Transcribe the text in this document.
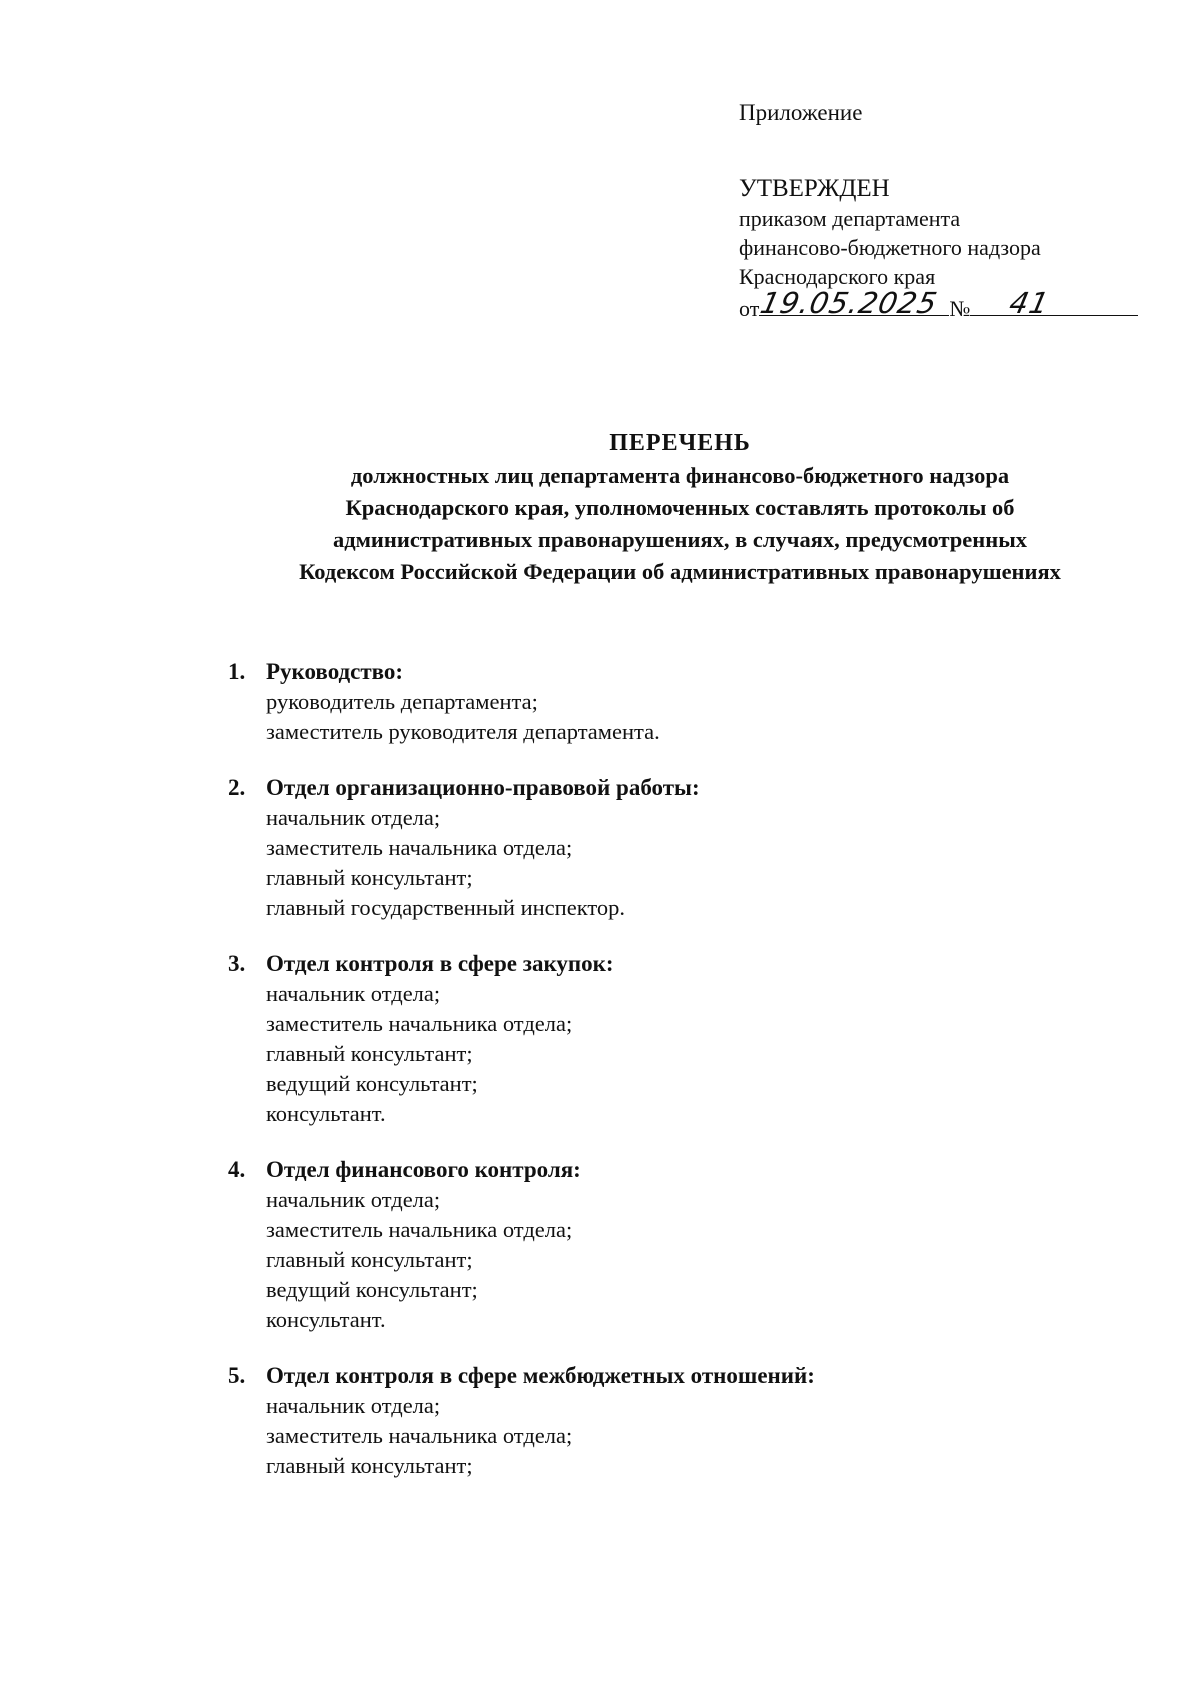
Приложение

УТВЕРЖДЕН

приказом департамента

финансово-бюджетного надзора

Краснодарского края

от
19.05.2025 № 41

ПЕРЕЧЕНЬ

должностных лиц департамента финансово-бюджетного надзора

Краснодарского края, уполномоченных составлять протоколы об

административных правонарушениях, в случаях, предусмотренных

Кодексом Российской Федерации об административных правонарушениях

1. Руководство:

руководитель департамента;
заместитель руководителя департамента.

2. Отдел организационно-правовой работы:

начальник отдела;
заместитель начальника отдела;
главный консультант;
главный государственный инспектор.

3. Отдел контроля в сфере закупок:

начальник отдела;
заместитель начальника отдела;
главный консультант;
ведущий консультант;
консультант.

4. Отдел финансового контроля:

начальник отдела;
заместитель начальника отдела;
главный консультант;
ведущий консультант;
консультант.

5. Отдел контроля в сфере межбюджетных отношений:

начальник отдела;
заместитель начальника отдела;
главный консультант;
